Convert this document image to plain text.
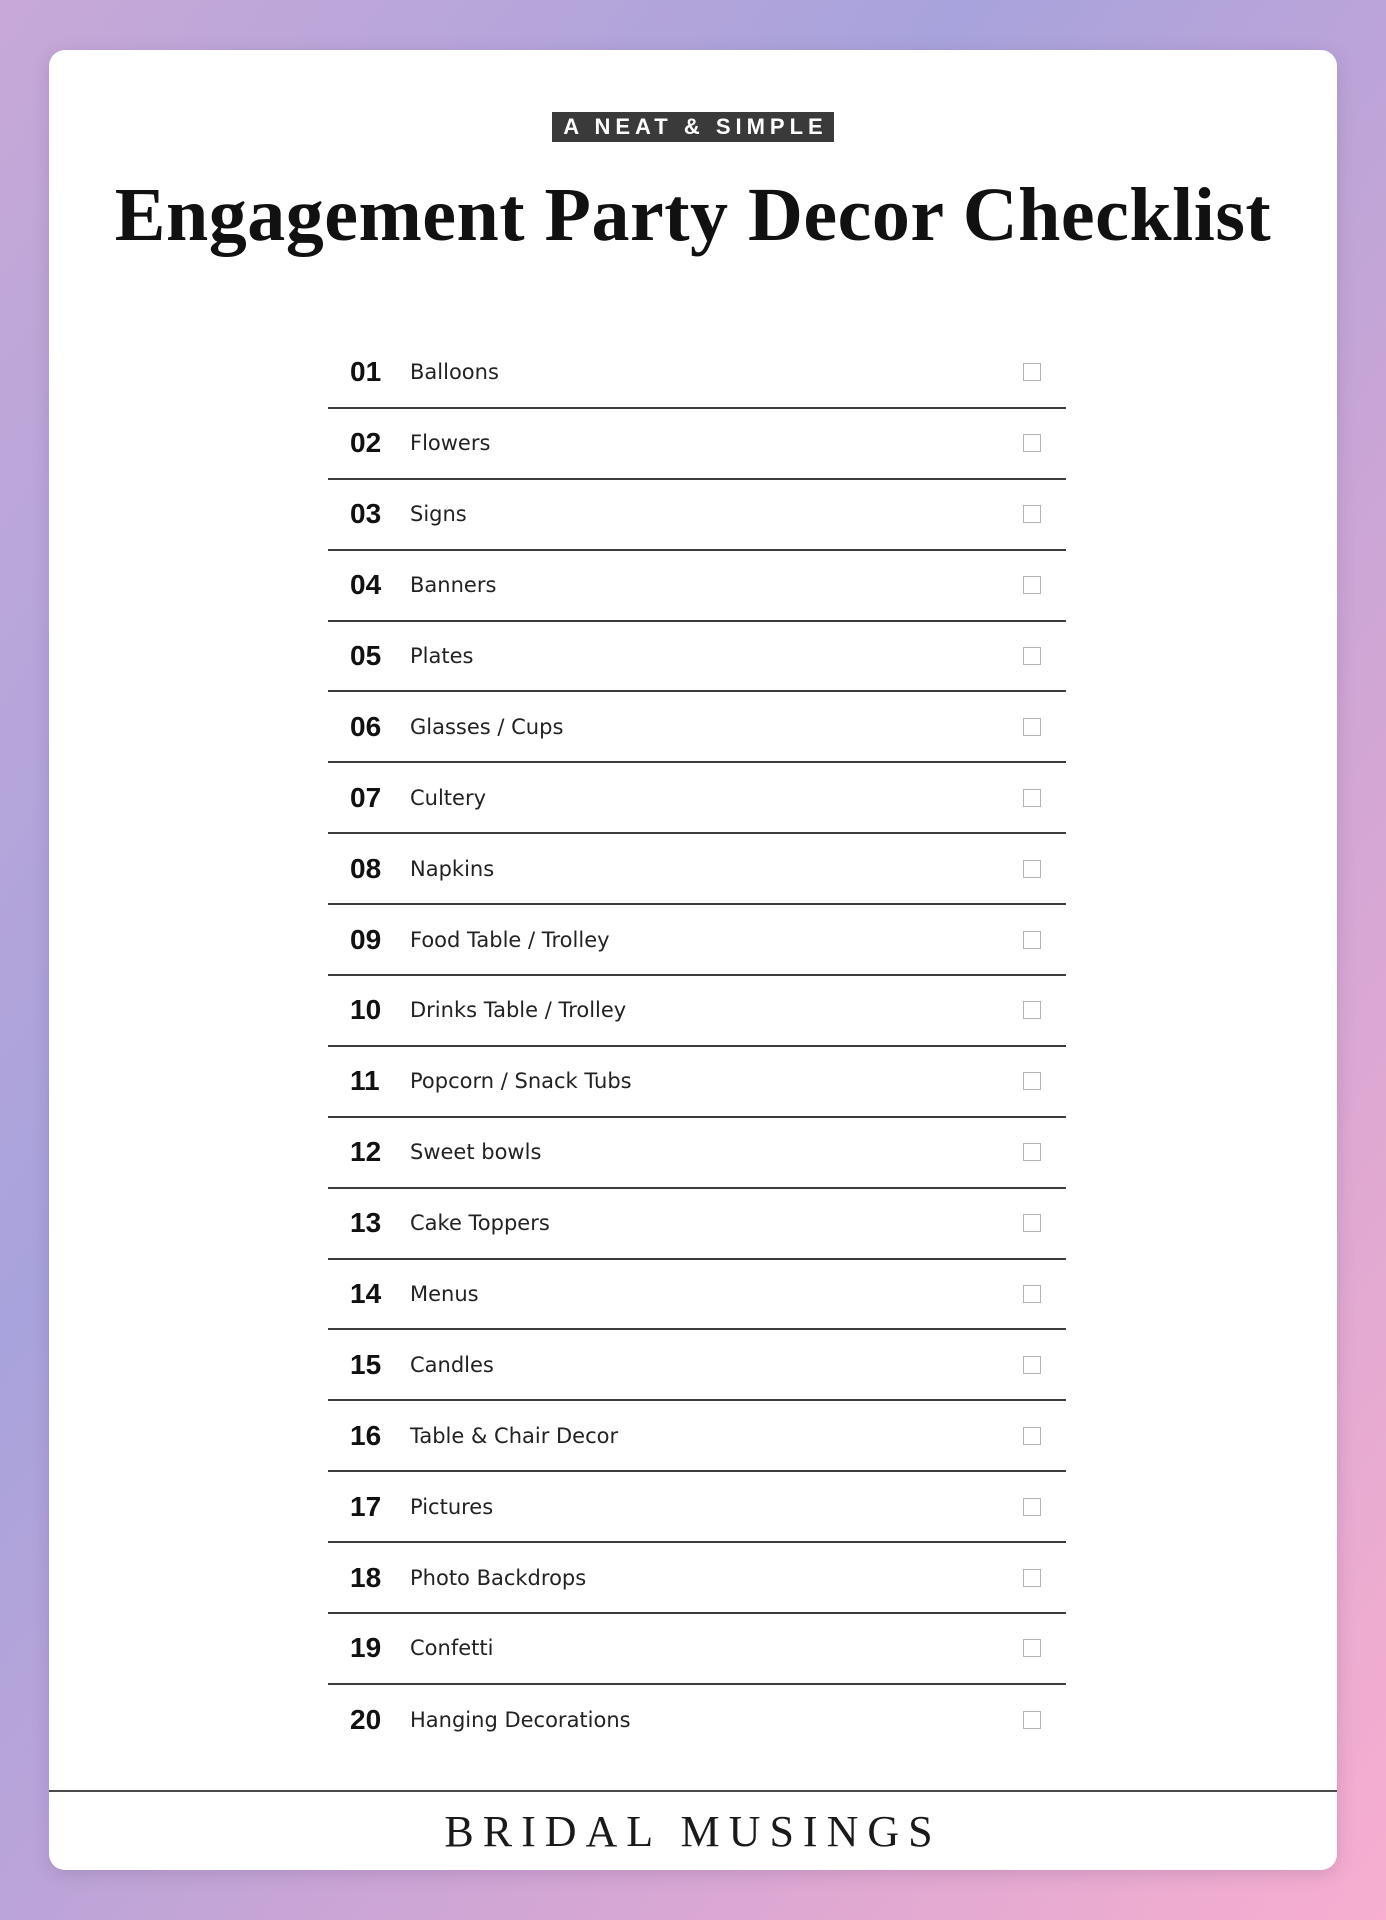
A NEAT & SIMPLE
Engagement Party Decor Checklist
01	Balloons
02	Flowers
03	Signs
04	Banners
05	Plates
06	Glasses / Cups
07	Cultery
08	Napkins
09	Food Table / Trolley
10	Drinks Table / Trolley
11	Popcorn / Snack Tubs
12	Sweet bowls
13	Cake Toppers
14	Menus
15	Candles
16	Table & Chair Decor
17	Pictures
18	Photo Backdrops
19	Confetti
20	Hanging Decorations
BRIDAL MUSINGS
